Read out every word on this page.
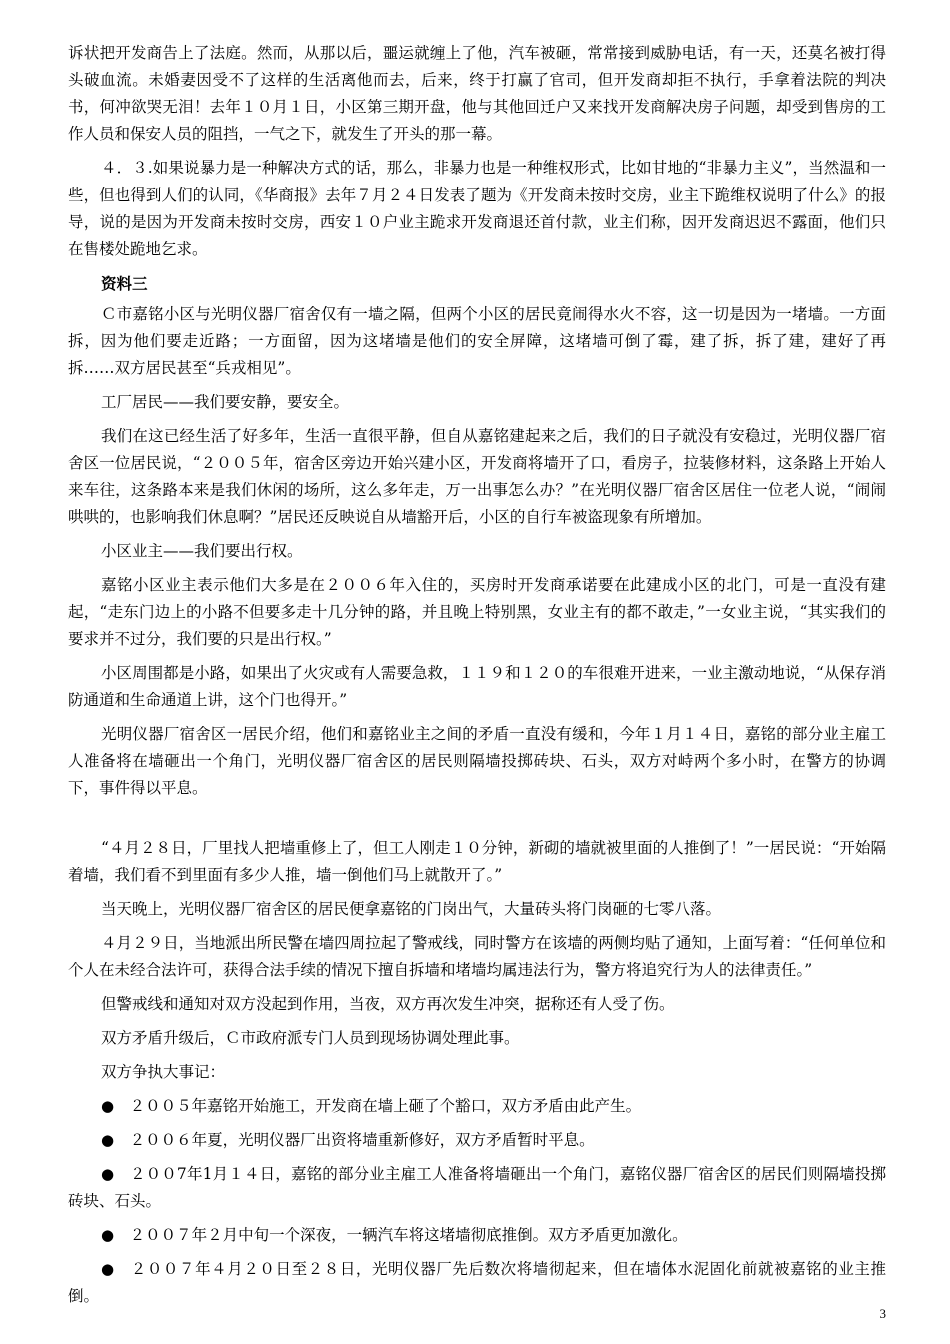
诉状把开发商告上了法庭。然而，从那以后，噩运就缠上了他，汽车被砸，常常接到威胁电话，有一天，还莫名被打得头破血流。未婚妻因受不了这样的生活离他而去，后来，终于打赢了官司，但开发商却拒不执行，手拿着法院的判决书，何冲欲哭无泪！去年１０月１日，小区第三期开盘，他与其他回迁户又来找开发商解决房子问题，却受到售房的工作人员和保安人员的阻挡，一气之下，就发生了开头的那一幕。

４．３.如果说暴力是一种解决方式的话，那么，非暴力也是一种维权形式，比如甘地的“非暴力主义”，当然温和一些，但也得到人们的认同，《华商报》去年７月２４日发表了题为《开发商未按时交房，业主下跪维权说明了什么》的报导，说的是因为开发商未按时交房，西安１０户业主跪求开发商退还首付款，业主们称，因开发商迟迟不露面，他们只在售楼处跪地乞求。

资料三

Ｃ市嘉铭小区与光明仪器厂宿舍仅有一墙之隔，但两个小区的居民竟闹得水火不容，这一切是因为一堵墙。一方面拆，因为他们要走近路；一方面留，因为这堵墙是他们的安全屏障，这堵墙可倒了霉，建了拆，拆了建，建好了再拆……双方居民甚至“兵戎相见”。

工厂居民——我们要安静，要安全。

我们在这已经生活了好多年，生活一直很平静，但自从嘉铭建起来之后，我们的日子就没有安稳过，光明仪器厂宿舍区一位居民说，“２００５年，宿舍区旁边开始兴建小区，开发商将墙开了口，看房子，拉装修材料，这条路上开始人来车往，这条路本来是我们休闲的场所，这么多年走，万一出事怎么办？”在光明仪器厂宿舍区居住一位老人说，“闹闹哄哄的，也影响我们休息啊？”居民还反映说自从墙豁开后，小区的自行车被盗现象有所增加。

小区业主——我们要出行权。

嘉铭小区业主表示他们大多是在２００６年入住的，买房时开发商承诺要在此建成小区的北门，可是一直没有建起，“走东门边上的小路不但要多走十几分钟的路，并且晚上特别黑，女业主有的都不敢走，”一女业主说，“其实我们的要求并不过分，我们要的只是出行权。”

小区周围都是小路，如果出了火灾或有人需要急救，１１９和１２０的车很难开进来，一业主激动地说，“从保存消防通道和生命通道上讲，这个门也得开。”

光明仪器厂宿舍区一居民介绍，他们和嘉铭业主之间的矛盾一直没有缓和，今年１月１４日，嘉铭的部分业主雇工人准备将在墙砸出一个角门，光明仪器厂宿舍区的居民则隔墙投掷砖块、石头，双方对峙两个多小时，在警方的协调下，事件得以平息。

“４月２８日，厂里找人把墙重修上了，但工人刚走１０分钟，新砌的墙就被里面的人推倒了！”一居民说：“开始隔着墙，我们看不到里面有多少人推，墙一倒他们马上就散开了。”

当天晚上，光明仪器厂宿舍区的居民便拿嘉铭的门岗出气，大量砖头将门岗砸的七零八落。

４月２９日，当地派出所民警在墙四周拉起了警戒线，同时警方在该墙的两侧均贴了通知，上面写着：“任何单位和个人在未经合法许可，获得合法手续的情况下擅自拆墙和堵墙均属违法行为，警方将追究行为人的法律责任。”

但警戒线和通知对双方没起到作用，当夜，双方再次发生冲突，据称还有人受了伤。

双方矛盾升级后，Ｃ市政府派专门人员到现场协调处理此事。

双方争执大事记：

●　 ２００５年嘉铭开始施工，开发商在墙上砸了个豁口，双方矛盾由此产生。

●　 ２００６年夏，光明仪器厂出资将墙重新修好，双方矛盾暂时平息。

●　 ２００7年1月１４日，嘉铭的部分业主雇工人准备将墙砸出一个角门，嘉铭仪器厂宿舍区的居民们则隔墙投掷砖块、石头。

●　 ２００７年２月中旬一个深夜，一辆汽车将这堵墙彻底推倒。双方矛盾更加激化。

●　 ２００７年４月２０日至２８日，光明仪器厂先后数次将墙彻起来，但在墙体水泥固化前就被嘉铭的业主推倒。

3
